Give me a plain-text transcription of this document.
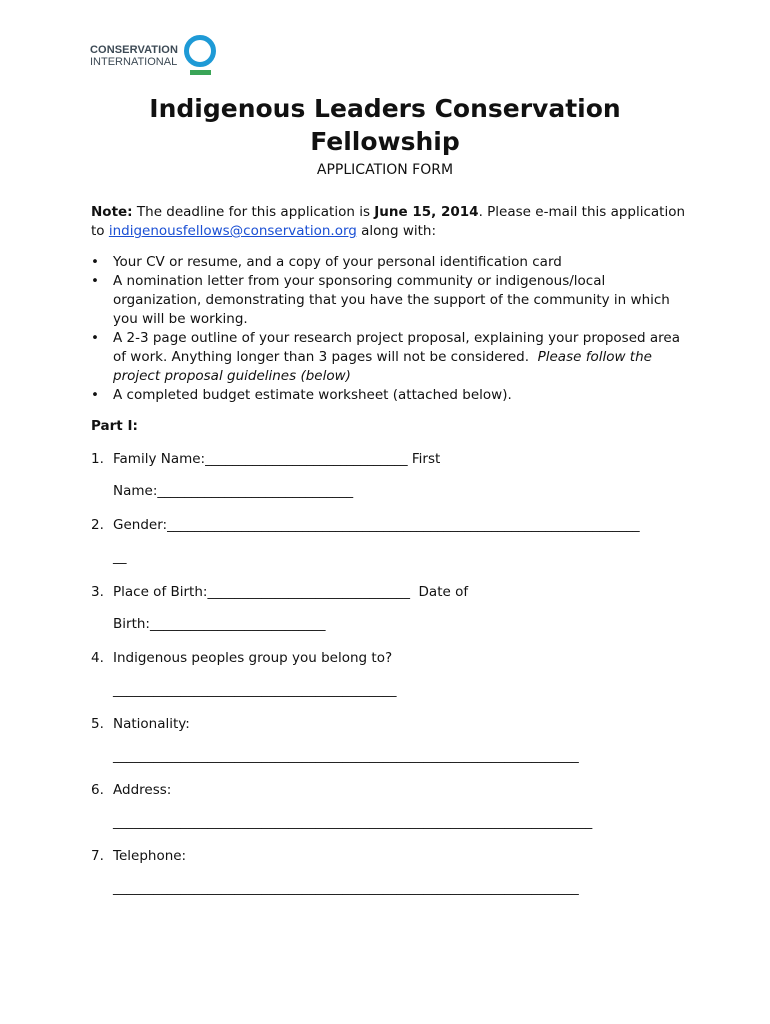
CONSERVATION
INTERNATIONAL
Indigenous Leaders Conservation
Fellowship
APPLICATION FORM
Note: The deadline for this application is June 15, 2014. Please e-mail this application to indigenousfellows@conservation.org along with:
• Your CV or resume, and a copy of your personal identification card
• A nomination letter from your sponsoring community or indigenous/local organization, demonstrating that you have the support of the community in which you will be working.
• A 2-3 page outline of your research project proposal, explaining your proposed area of work. Anything longer than 3 pages will not be considered. Please follow the project proposal guidelines (below)
• A completed budget estimate worksheet (attached below).
Part I:
1. Family Name:______________________________ First
Name:_____________________________
2. Gender:______________________________________________________________________
__
3. Place of Birth:______________________________  Date of
Birth:__________________________
4. Indigenous peoples group you belong to?
__________________________________________
5. Nationality:
_____________________________________________________________________
6. Address:
_______________________________________________________________________
7. Telephone:
_____________________________________________________________________
